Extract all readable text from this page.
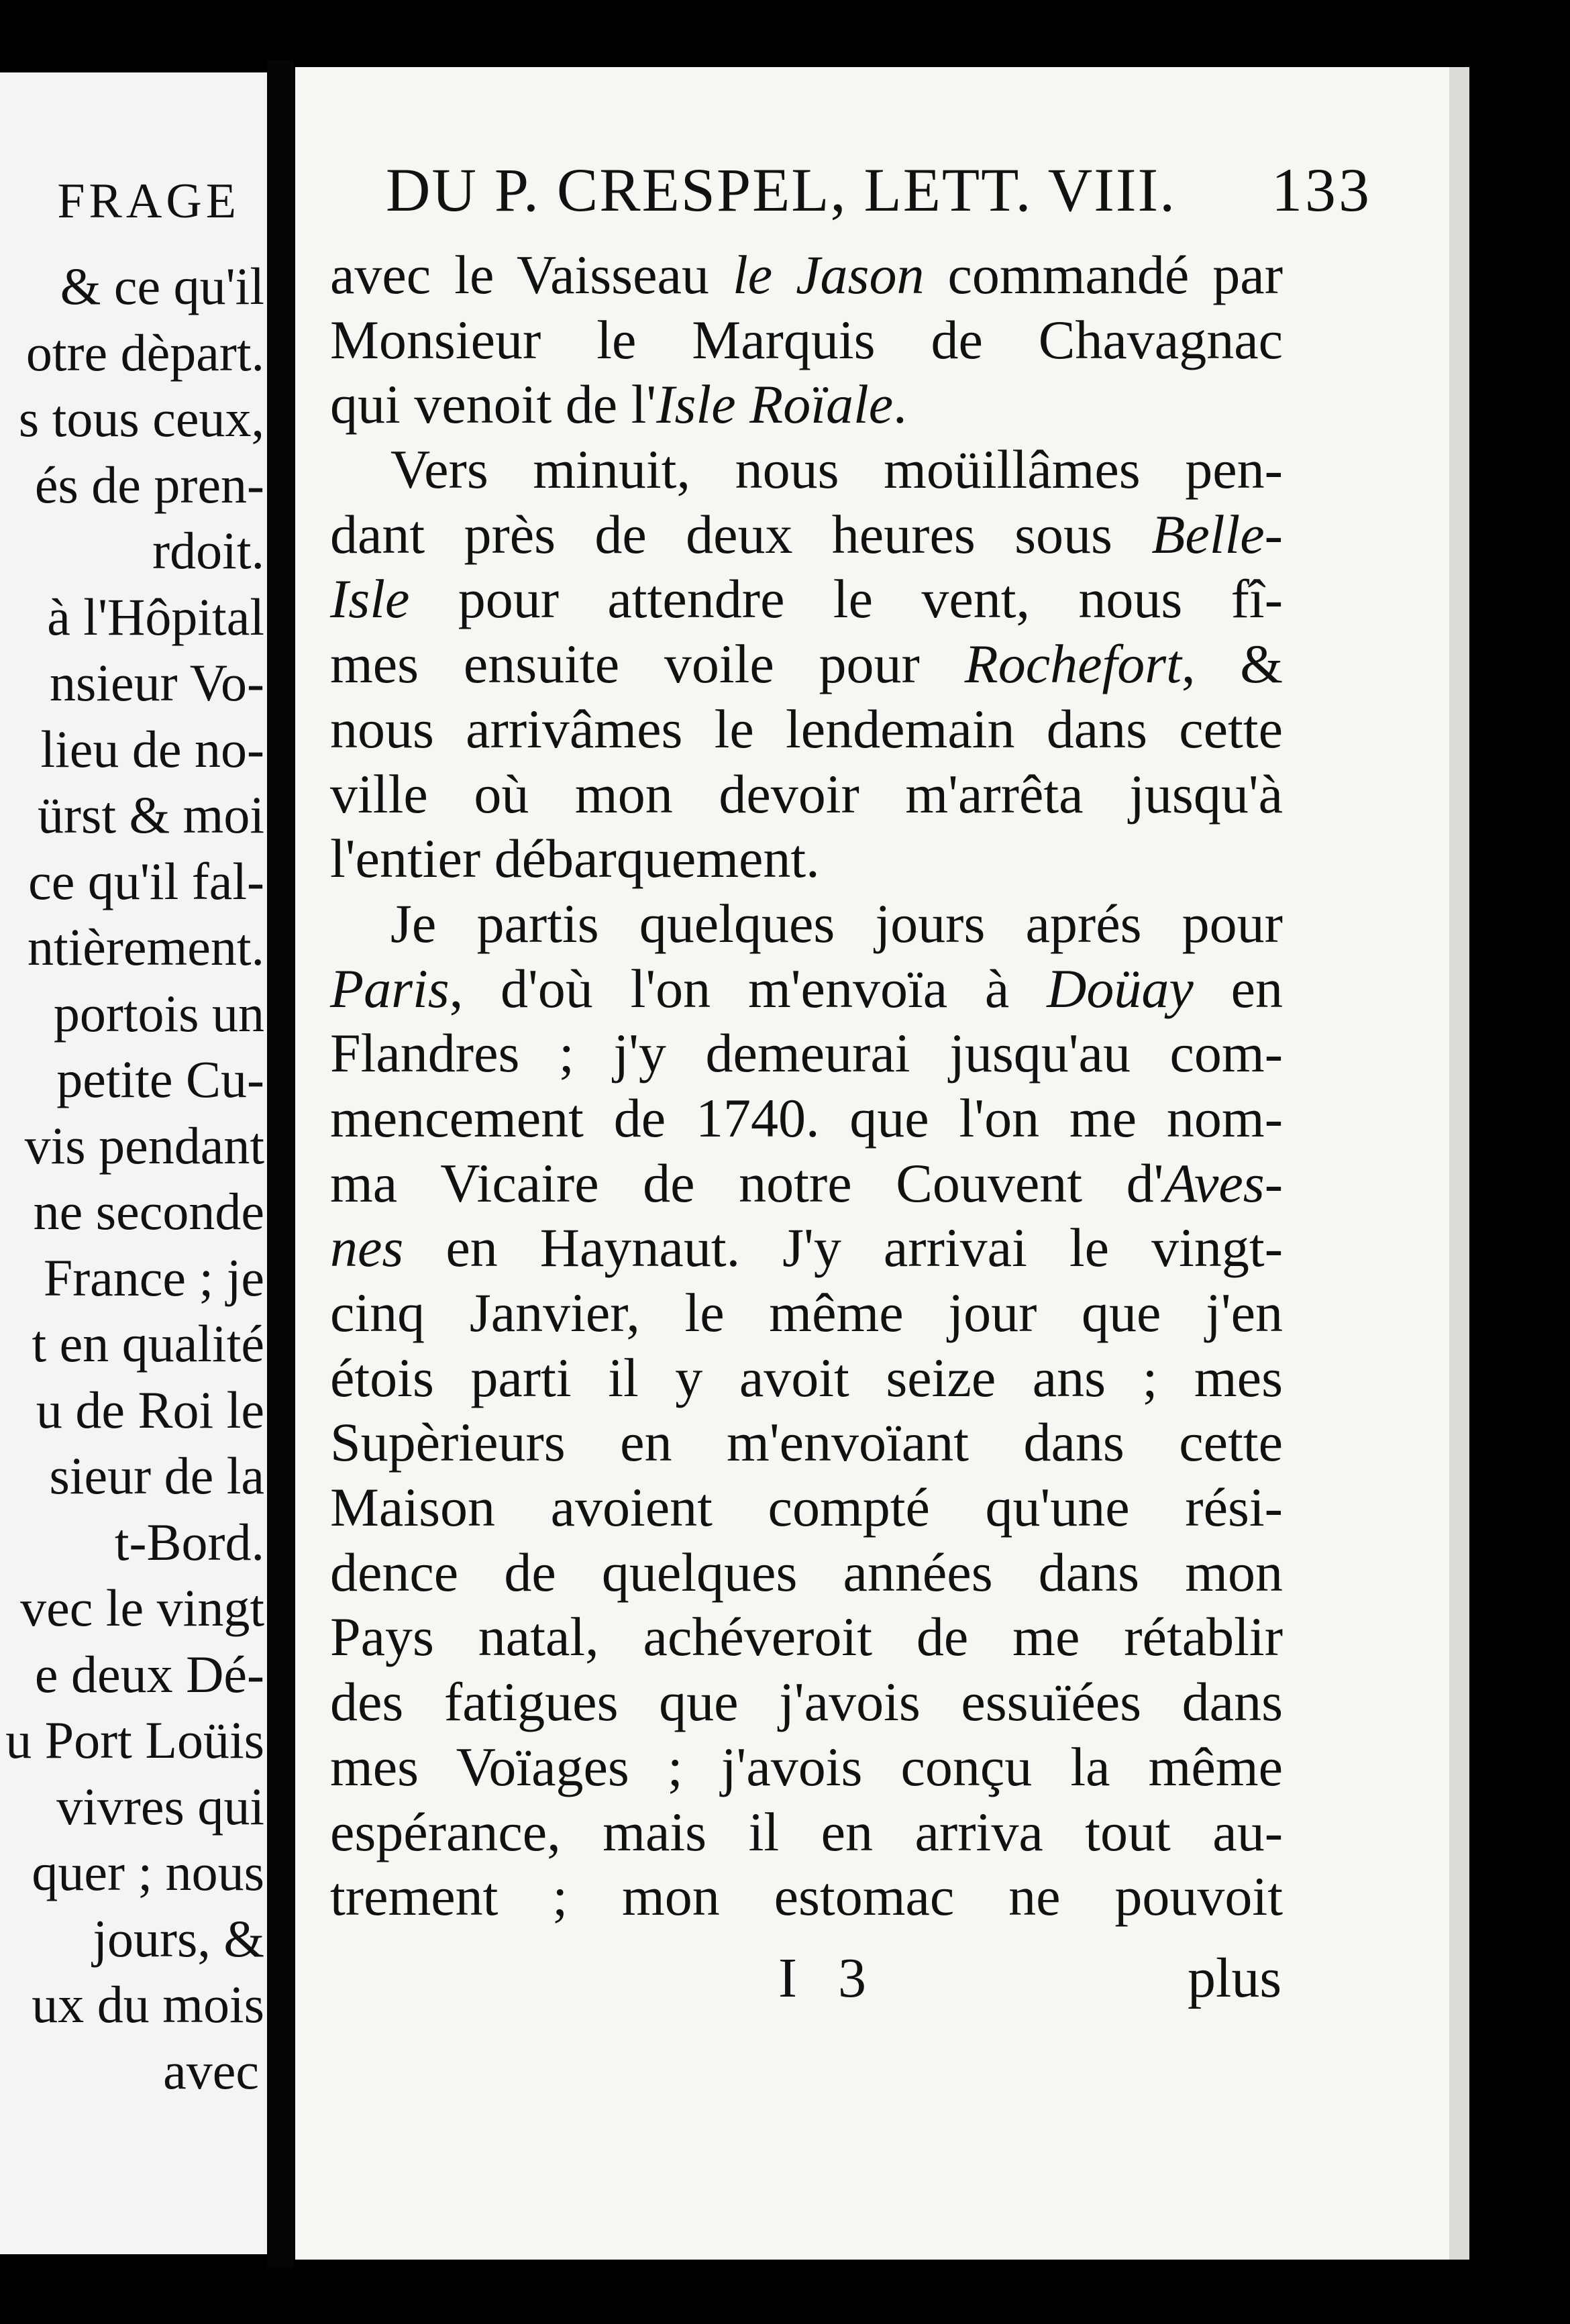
FRAGE
& ce qu'il
otre dèpart.
s tous ceux,
és de pren-
rdoit.
à l'Hôpital
nsieur Vo-
lieu de no-
ürst & moi
ce qu'il fal-
ntièrement.
portois un
petite Cu-
vis pendant
ne seconde
France ; je
t en qualité
u de Roi le
sieur de la
t-Bord.
vec le vingt
e deux Dé-
u Port Loüis
vivres qui
quer ; nous
jours, &
ux du mois
avec
DU P. CRESPEL, LETT. VIII. 133
avec le Vaisseau le Jason commandé par
Monsieur le Marquis de Chavagnac
qui venoit de l'Isle Roïale.
Vers minuit, nous moüillâmes pen-
dant près de deux heures sous Belle-
Isle pour attendre le vent, nous fî-
mes ensuite voile pour Rochefort, &
nous arrivâmes le lendemain dans cette
ville où mon devoir m'arrêta jusqu'à
l'entier débarquement.
Je partis quelques jours aprés pour
Paris, d'où l'on m'envoïa à Doüay en
Flandres ; j'y demeurai jusqu'au com-
mencement de 1740. que l'on me nom-
ma Vicaire de notre Couvent d'Aves-
nes en Haynaut. J'y arrivai le vingt-
cinq Janvier, le même jour que j'en
étois parti il y avoit seize ans ; mes
Supèrieurs en m'envoïant dans cette
Maison avoient compté qu'une rési-
dence de quelques années dans mon
Pays natal, achéveroit de me rétablir
des fatigues que j'avois essuïées dans
mes Voïages ; j'avois conçu la même
espérance, mais il en arriva tout au-
trement ; mon estomac ne pouvoit
I 3	plus
